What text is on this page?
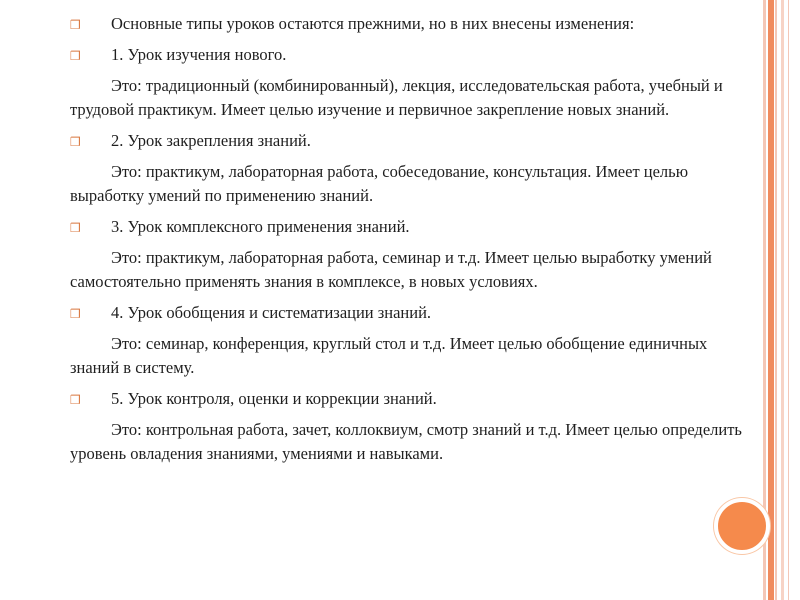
❒ Основные типы уроков остаются прежними, но в них внесены изменения:
❒ 1. Урок изучения нового.
Это: традиционный (комбинированный), лекция, исследовательская работа, учебный и трудовой практикум. Имеет целью изучение и первичное закрепление новых знаний.
❒ 2. Урок закрепления знаний.
Это: практикум, лабораторная работа, собеседование, консультация. Имеет целью выработку умений по применению знаний.
❒ 3. Урок комплексного применения знаний.
Это: практикум, лабораторная работа, семинар и т.д. Имеет целью выработку умений самостоятельно применять знания в комплексе, в новых условиях.
❒ 4. Урок обобщения и систематизации знаний.
Это: семинар, конференция, круглый стол и т.д. Имеет целью обобщение единичных знаний в систему.
❒ 5. Урок контроля, оценки и коррекции знаний.
Это: контрольная работа, зачет, коллоквиум, смотр знаний и т.д. Имеет целью определить уровень овладения знаниями, умениями и навыками.
